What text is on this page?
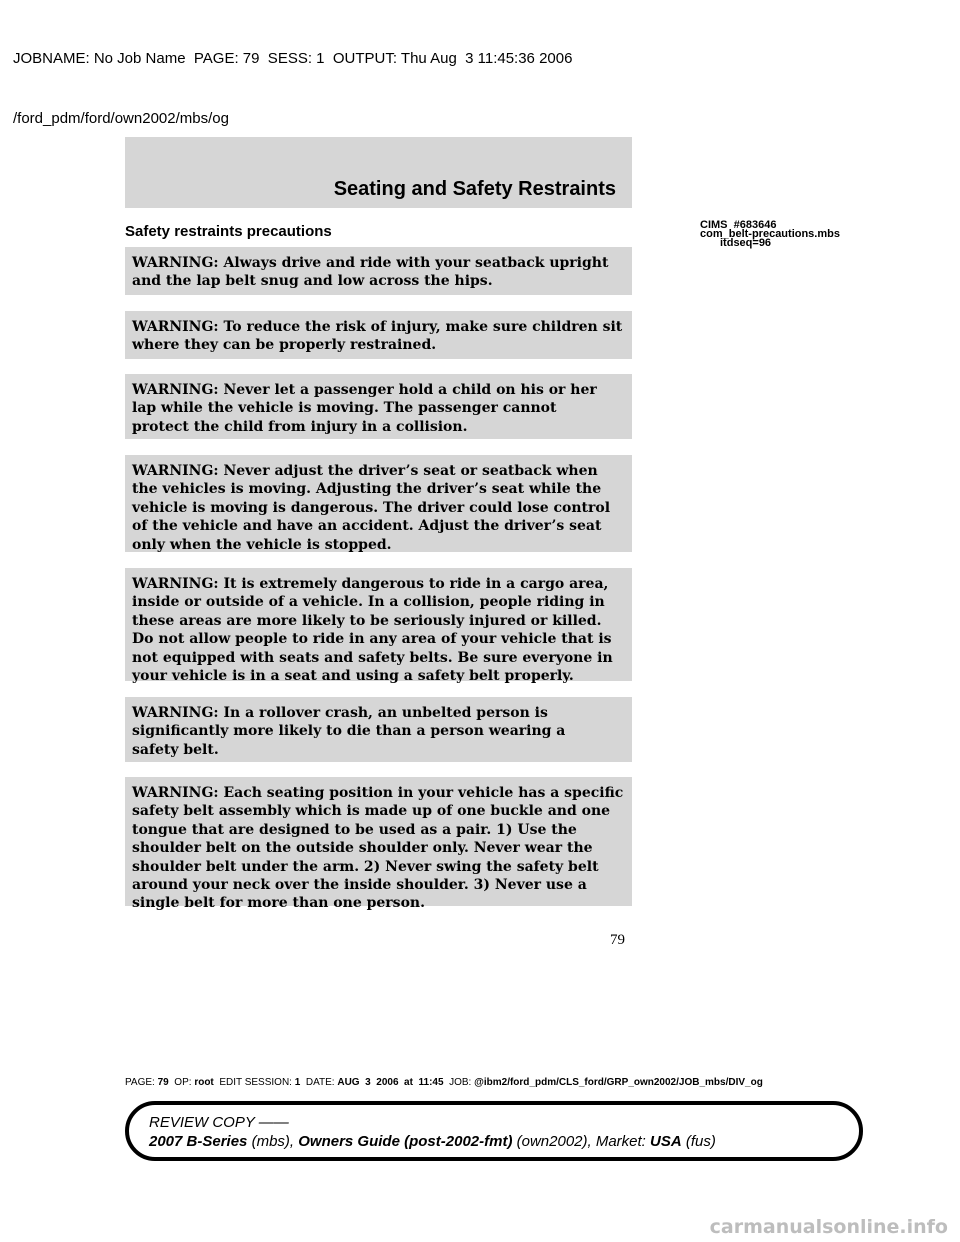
JOBNAME: No Job Name  PAGE: 79  SESS: 1  OUTPUT: Thu Aug  3 11:45:36 2006

/ford_pdm/ford/own2002/mbs/og

Seating and Safety Restraints
Safety restraints precautions	CIMS  #683646
com_belt-precautions.mbs
itdseq=96

WARNING: Always drive and ride with your seatback upright and the lap belt snug and low across the hips.

WARNING: To reduce the risk of injury, make sure children sit where they can be properly restrained.

WARNING: Never let a passenger hold a child on his or her lap while the vehicle is moving. The passenger cannot protect the child from injury in a collision.

WARNING: Never adjust the driver’s seat or seatback when the vehicles is moving. Adjusting the driver’s seat while the vehicle is moving is dangerous. The driver could lose control of the vehicle and have an accident. Adjust the driver’s seat only when the vehicle is stopped.

WARNING: It is extremely dangerous to ride in a cargo area, inside or outside of a vehicle. In a collision, people riding in these areas are more likely to be seriously injured or killed. Do not allow people to ride in any area of your vehicle that is not equipped with seats and safety belts. Be sure everyone in your vehicle is in a seat and using a safety belt properly.

WARNING: In a rollover crash, an unbelted person is significantly more likely to die than a person wearing a safety belt.

WARNING: Each seating position in your vehicle has a specific safety belt assembly which is made up of one buckle and one tongue that are designed to be used as a pair. 1) Use the shoulder belt on the outside shoulder only. Never wear the shoulder belt under the arm. 2) Never swing the safety belt around your neck over the inside shoulder. 3) Never use a single belt for more than one person.

79
PAGE: 79 OP: root EDIT SESSION: 1 DATE: AUG  3  2006  at  11:45 JOB: @ibm2/ford_pdm/CLS_ford/GRP_own2002/JOB_mbs/DIV_og
REVIEW COPY ——
2007 B-Series (mbs), Owners Guide (post-2002-fmt) (own2002), Market: USA (fus)
carmanualsonline.info
